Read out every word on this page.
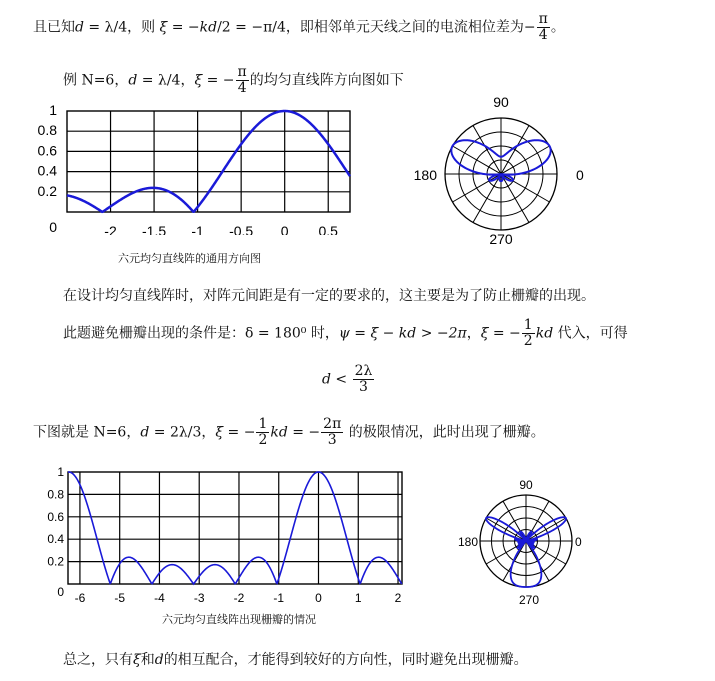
且已知d = λ/4，则 ξ = −kd/2 = −π/4，即相邻单元天线之间的电流相位差为− $\frac{\pi}{4}$ 。
例 N=6，d = λ/4，ξ = − $\frac{\pi}{4}$ 的均匀直线阵方向图如下
1
0.8
0.6
0.4
0.2
0	-2 -1.5 -1 -0.5 0 0.5
六元均匀直线阵的通用方向图
90
180	0
270
在设计均匀直线阵时，对阵元间距是有一定的要求的，这主要是为了防止栅瓣的出现。
此题避免栅瓣出现的条件是：δ = 180⁰ 时，ψ = ξ − kd > −2π，ξ = − $\frac{1}{2}$ kd 代入，可得
$d < \frac{2\lambda}{3}$
下图就是 N=6，d = 2λ/3，ξ = − $\frac{1}{2}$ kd = − $\frac{2\pi}{3}$ 的极限情况，此时出现了栅瓣。
1
0.8
0.6
0.4
0.2
0 -6 -5 -4 -3 -2 -1	0	1	2
六元均匀直线阵出现栅瓣的情况
90
180	0
270
总之，只有ξ和d的相互配合，才能得到较好的方向性，同时避免出现栅瓣。
